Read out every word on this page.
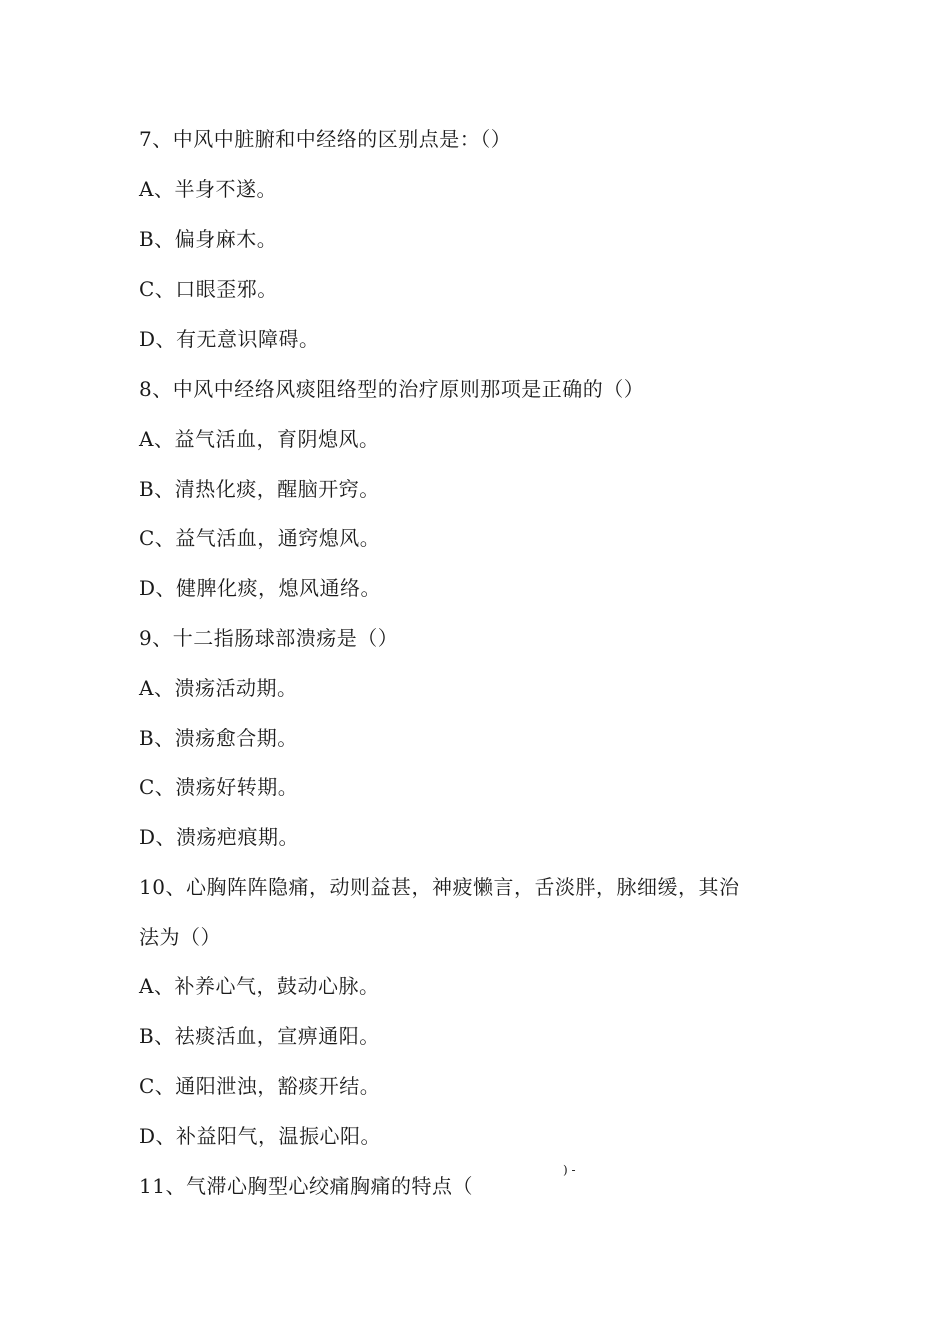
7、中风中脏腑和中经络的区别点是：（）
A、半身不遂。
B、偏身麻木。
C、口眼歪邪。
D、有无意识障碍。
8、中风中经络风痰阻络型的治疗原则那项是正确的（）
A、益气活血，育阴熄风。
B、清热化痰，醒脑开窍。
C、益气活血，通窍熄风。
D、健脾化痰，熄风通络。
9、十二指肠球部溃疡是（）
A、溃疡活动期。
B、溃疡愈合期。
C、溃疡好转期。
D、溃疡疤痕期。
10、心胸阵阵隐痛，动则益甚，神疲懒言，舌淡胖，脉细缓，其治
法为（）
A、补养心气，鼓动心脉。
B、祛痰活血，宣痹通阳。
C、通阳泄浊，豁痰开结。
D、补益阳气，温振心阳。
11、气滞心胸型心绞痛胸痛的特点（
) -
